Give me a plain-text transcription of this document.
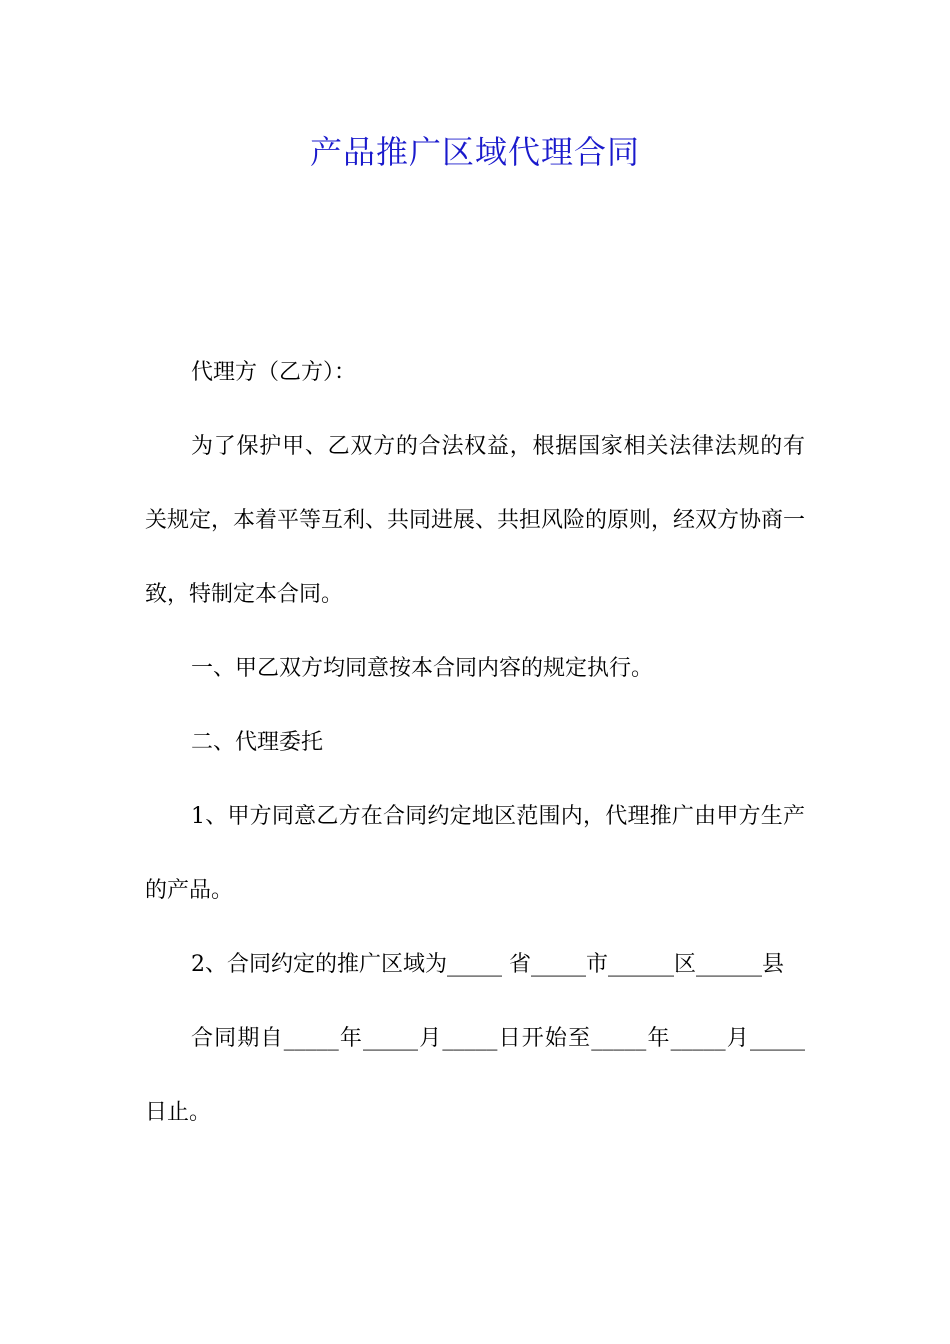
产品推广区域代理合同

代理方（乙方）：

为了保护甲、乙双方的合法权益，根据国家相关法律法规的有关规定，本着平等互利、共同进展、共担风险的原则，经双方协商一致，特制定本合同。

一、甲乙双方均同意按本合同内容的规定执行。

二、代理委托

1、甲方同意乙方在合同约定地区范围内，代理推广由甲方生产的产品。

2、合同约定的推广区域为_____ 省_____市______区______县

合同期自_____年_____月_____日开始至_____年_____月_____日止。
